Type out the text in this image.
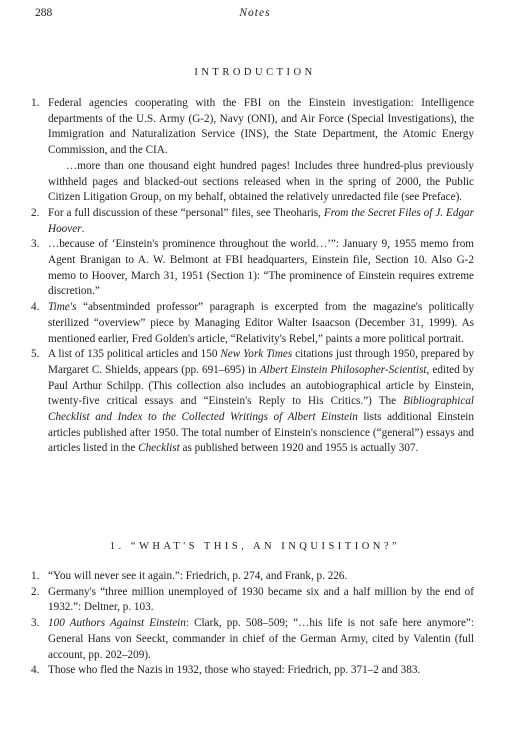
288	Notes
INTRODUCTION
1. Federal agencies cooperating with the FBI on the Einstein investigation: Intelligence departments of the U.S. Army (G-2), Navy (ONI), and Air Force (Special Investigations), the Immigration and Naturalization Service (INS), the State Department, the Atomic Energy Commission, and the CIA.

…more than one thousand eight hundred pages! Includes three hundred-plus previously withheld pages and blacked-out sections released when in the spring of 2000, the Public Citizen Litigation Group, on my behalf, obtained the relatively unredacted file (see Preface).

2. For a full discussion of these “personal” files, see Theoharis, From the Secret Files of J. Edgar Hoover.

3. …because of ‘Einstein's prominence throughout the world…’”: January 9, 1955 memo from Agent Branigan to A. W. Belmont at FBI headquarters, Einstein file, Section 10. Also G-2 memo to Hoover, March 31, 1951 (Section 1): “The prominence of Einstein requires extreme discretion.”

4. Time's “absentminded professor” paragraph is excerpted from the magazine's politically sterilized “overview” piece by Managing Editor Walter Isaacson (December 31, 1999). As mentioned earlier, Fred Golden's article, “Relativity's Rebel,” paints a more political portrait.

5. A list of 135 political articles and 150 New York Times citations just through 1950, prepared by Margaret C. Shields, appears (pp. 691–695) in Albert Einstein Philosopher-Scientist, edited by Paul Arthur Schilpp. (This collection also includes an autobiographical article by Einstein, twenty-five critical essays and “Einstein's Reply to His Critics.”) The Bibliographical Checklist and Index to the Collected Writings of Albert Einstein lists additional Einstein articles published after 1950. The total number of Einstein's nonscience (“general”) essays and articles listed in the Checklist as published between 1920 and 1955 is actually 307.

1. “WHAT'S THIS, AN INQUISITION?”
1. “You will never see it again.”: Friedrich, p. 274, and Frank, p. 226.

2. Germany's “three million unemployed of 1930 became six and a half million by the end of 1932.”: Deltner, p. 103.

3. 100 Authors Against Einstein: Clark, pp. 508–509; “…his life is not safe here anymore”: General Hans von Seeckt, commander in chief of the German Army, cited by Valentin (full account, pp. 202–209).

4. Those who fled the Nazis in 1932, those who stayed: Friedrich, pp. 371–2 and 383.
